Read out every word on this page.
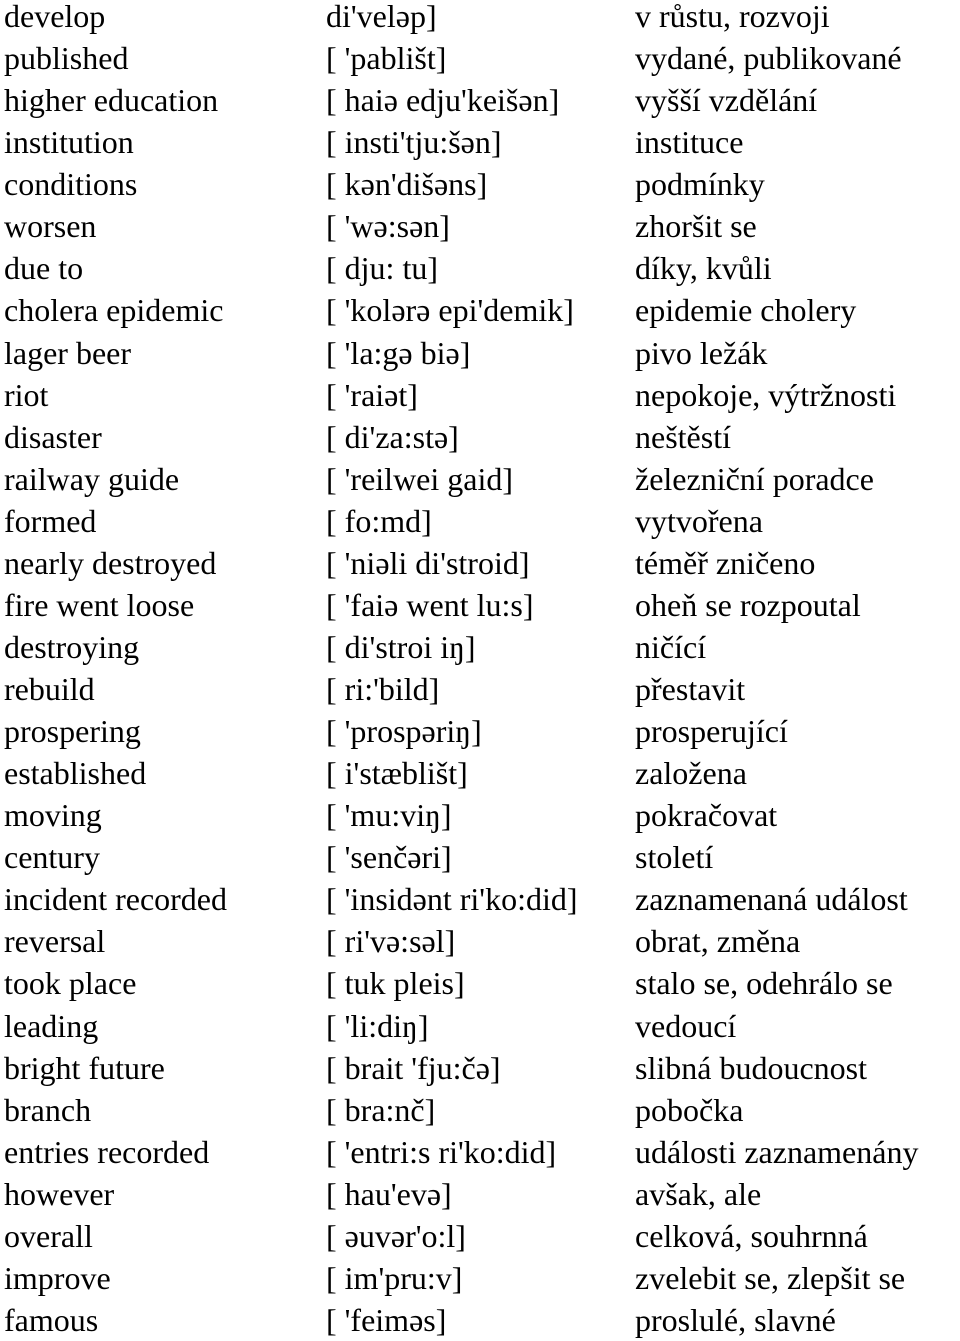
develop	di'veləp]	v růstu, rozvoji
published	[ 'pablišt]	vydané, publikované
higher education	[ haiə edju'keišən]	vyšší vzdělání
institution	[ insti'tju:šən]	instituce
conditions	[ kən'dišəns]	podmínky
worsen	[ 'wə:sən]	zhoršit se
due to	[ dju: tu]	díky, kvůli
cholera epidemic	[ 'kolərə epi'demik]	epidemie cholery
lager beer	[ 'la:gə biə]	pivo ležák
riot	[ 'raiət]	nepokoje, výtržnosti
disaster	[ di'za:stə]	neštěstí
railway guide	[ 'reilwei gaid]	železniční poradce
formed	[ fo:md]	vytvořena
nearly destroyed	[ 'niəli di'stroid]	téměř zničeno
fire went loose	[ 'faiə went lu:s]	oheň se rozpoutal
destroying	[ di'stroi iŋ]	ničící
rebuild	[ ri:'bild]	přestavit
prospering	[ 'prospəriŋ]	prosperující
established	[ i'stæblišt]	založena
moving	[ 'mu:viŋ]	pokračovat
century	[ 'senčəri]	století
incident recorded	[ 'insidənt ri'ko:did]	zaznamenaná událost
reversal	[ ri'və:səl]	obrat, změna
took place	[ tuk pleis]	stalo se, odehrálo se
leading	[ 'li:diŋ]	vedoucí
bright future	[ brait 'fju:čə]	slibná budoucnost
branch	[ bra:nč]	pobočka
entries recorded	[ 'entri:s ri'ko:did]	události zaznamenány
however	[ hau'evə]	avšak, ale
overall	[ əuvər'o:l]	celková, souhrnná
improve	[ im'pru:v]	zvelebit se, zlepšit se
famous	[ 'feiməs]	proslulé, slavné
